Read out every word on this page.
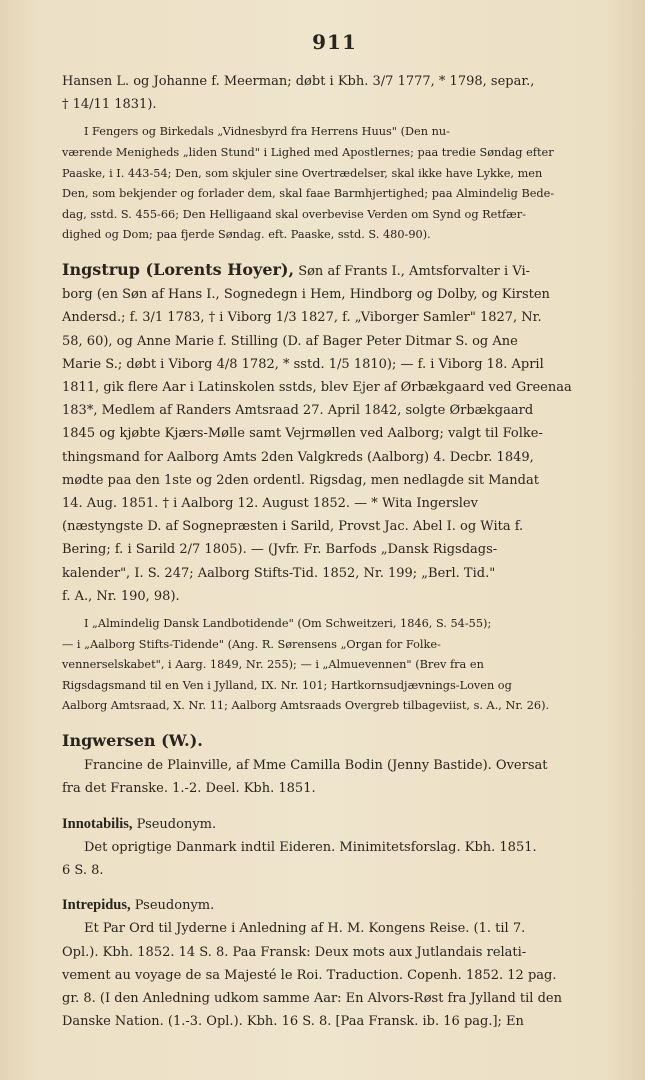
911

Hansen L. og Johanne f. Meerman; døbt i Kbh. 3/7 1777, * 1798, separ.,

† 14/11 1831).

I Fengers og Birkedals „Vidnesbyrd fra Herrens Huus" (Den nu-

værende Menigheds „liden Stund" i Lighed med Apostlernes; paa tredie Søndag efter

Paaske, i I. 443-54; Den, som skjuler sine Overtrædelser, skal ikke have Lykke, men

Den, som bekjender og forlader dem, skal faae Barmhjertighed; paa Almindelig Bede-

dag, sstd. S. 455-66; Den Helligaand skal overbevise Verden om Synd og Retfær-

dighed og Dom; paa fjerde Søndag. eft. Paaske, sstd. S. 480-90).

Ingstrup (Lorents Hoyer), Søn af Frants I., Amtsforvalter i Vi-

borg (en Søn af Hans I., Sognedegn i Hem, Hindborg og Dolby, og Kirsten

Andersd.; f. 3/1 1783, † i Viborg 1/3 1827, f. „Viborger Samler" 1827, Nr.

58, 60), og Anne Marie f. Stilling (D. af Bager Peter Ditmar S. og Ane

Marie S.; døbt i Viborg 4/8 1782, * sstd. 1/5 1810); — f. i Viborg 18. April

1811, gik flere Aar i Latinskolen sstds, blev Ejer af Ørbækgaard ved Greenaa

183*, Medlem af Randers Amtsraad 27. April 1842, solgte Ørbækgaard

1845 og kjøbte Kjærs-Mølle samt Vejrmøllen ved Aalborg; valgt til Folke-

thingsmand for Aalborg Amts 2den Valgkreds (Aalborg) 4. Decbr. 1849,

mødte paa den 1ste og 2den ordentl. Rigsdag, men nedlagde sit Mandat

14. Aug. 1851. † i Aalborg 12. August 1852. — * Wita Ingerslev

(næstyngste D. af Sognepræsten i Sarild, Provst Jac. Abel I. og Wita f.

Bering; f. i Sarild 2/7 1805). — (Jvfr. Fr. Barfods „Dansk Rigsdags-

kalender", I. S. 247; Aalborg Stifts-Tid. 1852, Nr. 199; „Berl. Tid."

f. A., Nr. 190, 98).

I „Almindelig Dansk Landbotidende" (Om Schweitzeri, 1846, S. 54-55);

— i „Aalborg Stifts-Tidende" (Ang. R. Sørensens „Organ for Folke-

vennerselskabet", i Aarg. 1849, Nr. 255); — i „Almuevennen" (Brev fra en

Rigsdagsmand til en Ven i Jylland, IX. Nr. 101; Hartkornsudjævnings-Loven og

Aalborg Amtsraad, X. Nr. 11; Aalborg Amtsraads Overgreb tilbageviist, s. A., Nr. 26).

Ingwersen (W.).

Francine de Plainville, af Mme Camilla Bodin (Jenny Bastide). Oversat

fra det Franske. 1.-2. Deel. Kbh. 1851.

Innotabilis, Pseudonym.

Det oprigtige Danmark indtil Eideren. Minimitetsforslag. Kbh. 1851.

6 S. 8.

Intrepidus, Pseudonym.

Et Par Ord til Jyderne i Anledning af H. M. Kongens Reise. (1. til 7.

Opl.). Kbh. 1852. 14 S. 8. Paa Fransk: Deux mots aux Jutlandais relati-

vement au voyage de sa Majesté le Roi. Traduction. Copenh. 1852. 12 pag.

gr. 8. (I den Anledning udkom samme Aar: En Alvors-Røst fra Jylland til den

Danske Nation. (1.-3. Opl.). Kbh. 16 S. 8. [Paa Fransk. ib. 16 pag.]; En
